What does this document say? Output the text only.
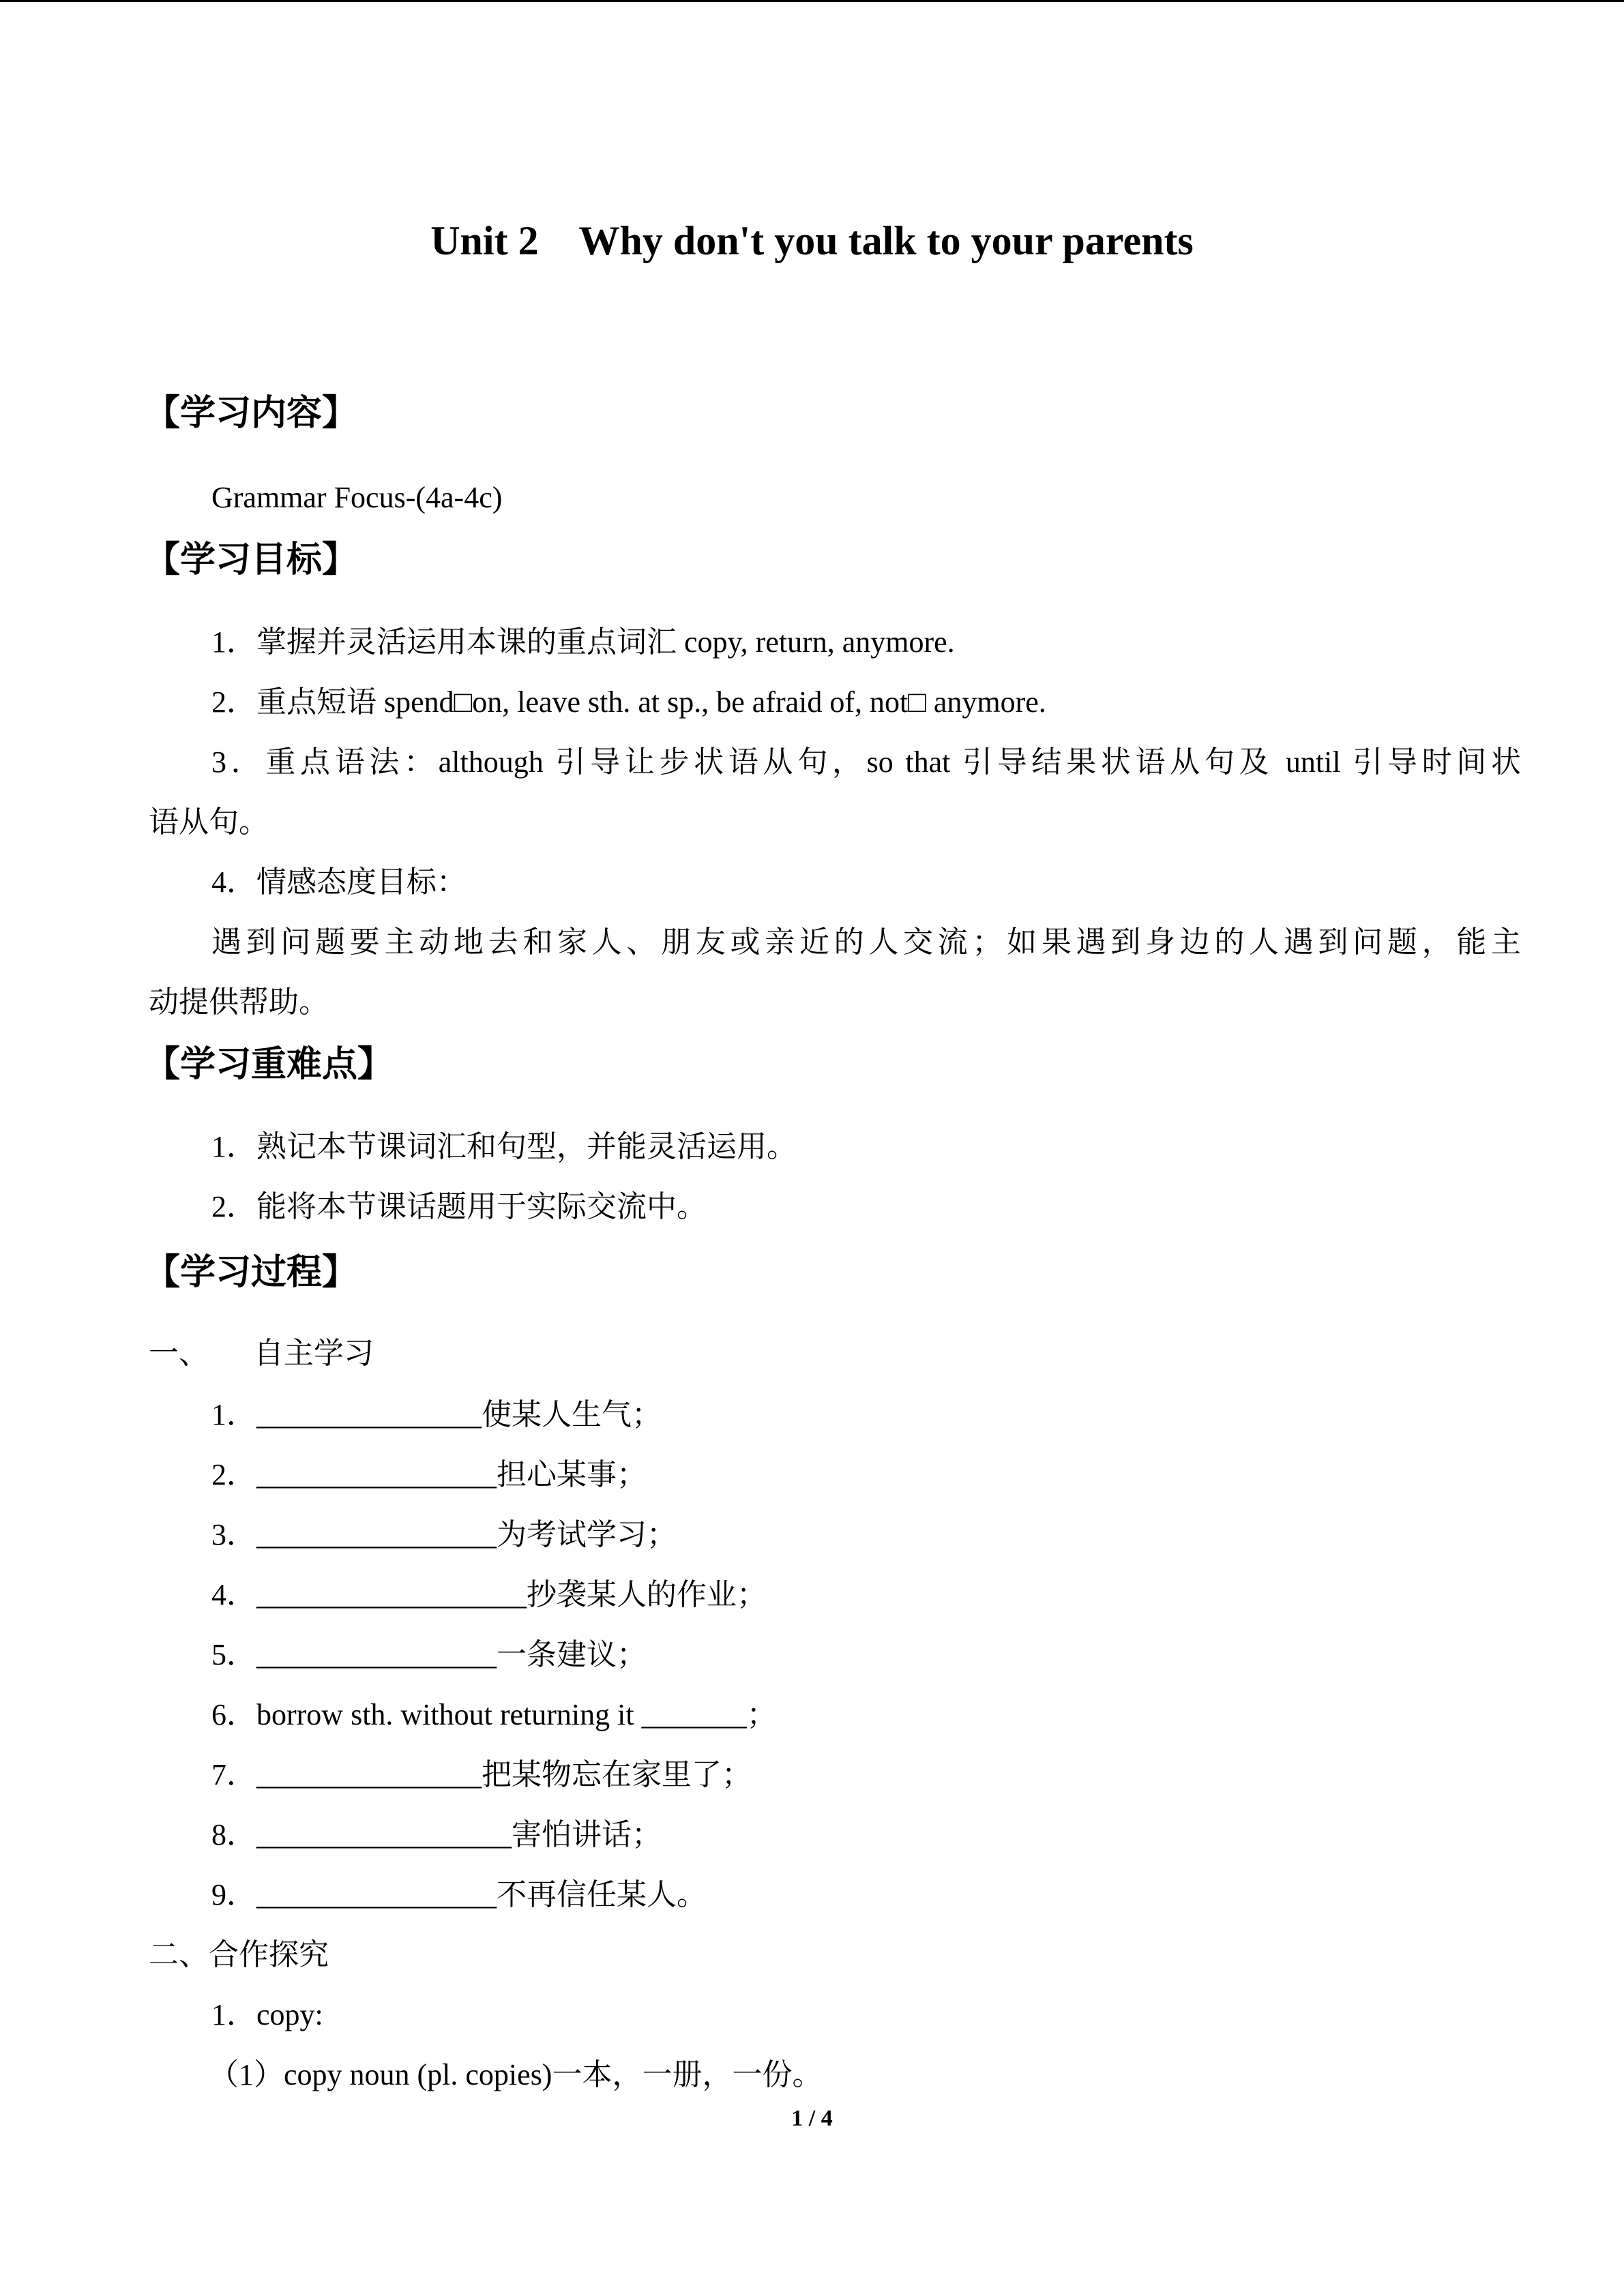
Unit 2    Why don't you talk to your parents
【学习内容】
Grammar Focus-(4a-4c)
【学习目标】
1．掌握并灵活运用本课的重点词汇 copy, return, anymore.
2．重点短语 spend□on, leave sth. at sp., be afraid of, not□ anymore.
3．重点语法：although 引导让步状语从句，so that 引导结果状语从句及 until 引导时间状
语从句。
4．情感态度目标：
遇到问题要主动地去和家人、朋友或亲近的人交流；如果遇到身边的人遇到问题，能主
动提供帮助。
【学习重难点】
1．熟记本节课词汇和句型，并能灵活运用。
2．能将本节课话题用于实际交流中。
【学习过程】
一、      自主学习
1．_______________使某人生气；
2．________________担心某事；
3．________________为考试学习；
4．__________________抄袭某人的作业；
5．________________一条建议；
6．borrow sth. without returning it _______；
7．_______________把某物忘在家里了；
8．_________________害怕讲话；
9．________________不再信任某人。
二、合作探究
1．copy:
（1）copy noun (pl. copies)一本，一册，一份。
1 / 4
